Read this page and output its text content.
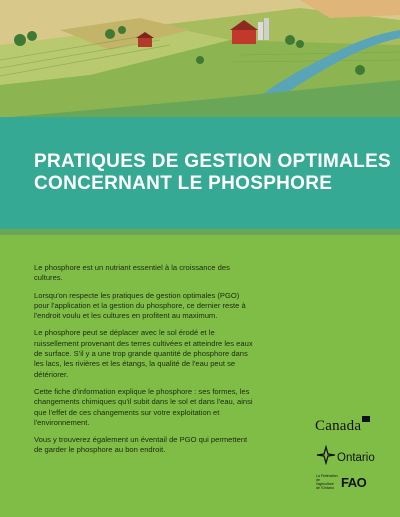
PRATIQUES DE GESTION OPTIMALES
CONCERNANT LE PHOSPHORE

Le phosphore est un nutriant essentiel à la croissance des cultures.

Lorsqu'on respecte les pratiques de gestion optimales (PGO) pour l'application et la gestion du phosphore, ce dernier reste à l'endroit voulu et les cultures en profitent au maximum.

Le phosphore peut se déplacer avec le sol érodé et le ruissellement provenant des terres cultivées et atteindre les eaux de surface. S'il y a une trop grande quantité de phosphore dans les lacs, les rivières et les étangs, la qualité de l'eau peut se détériorer.

Cette fiche d'information explique le phosphore : ses formes, les changements chimiques qu'il subit dans le sol et dans l'eau, ainsi que l'effet de ces changements sur votre exploitation et l'environnement.

Vous y trouverez également un éventail de PGO qui permettent de garder le phosphore au bon endroit.

Canada
Ontario
La Fédération de l'agriculture de l'Ontario FAO
